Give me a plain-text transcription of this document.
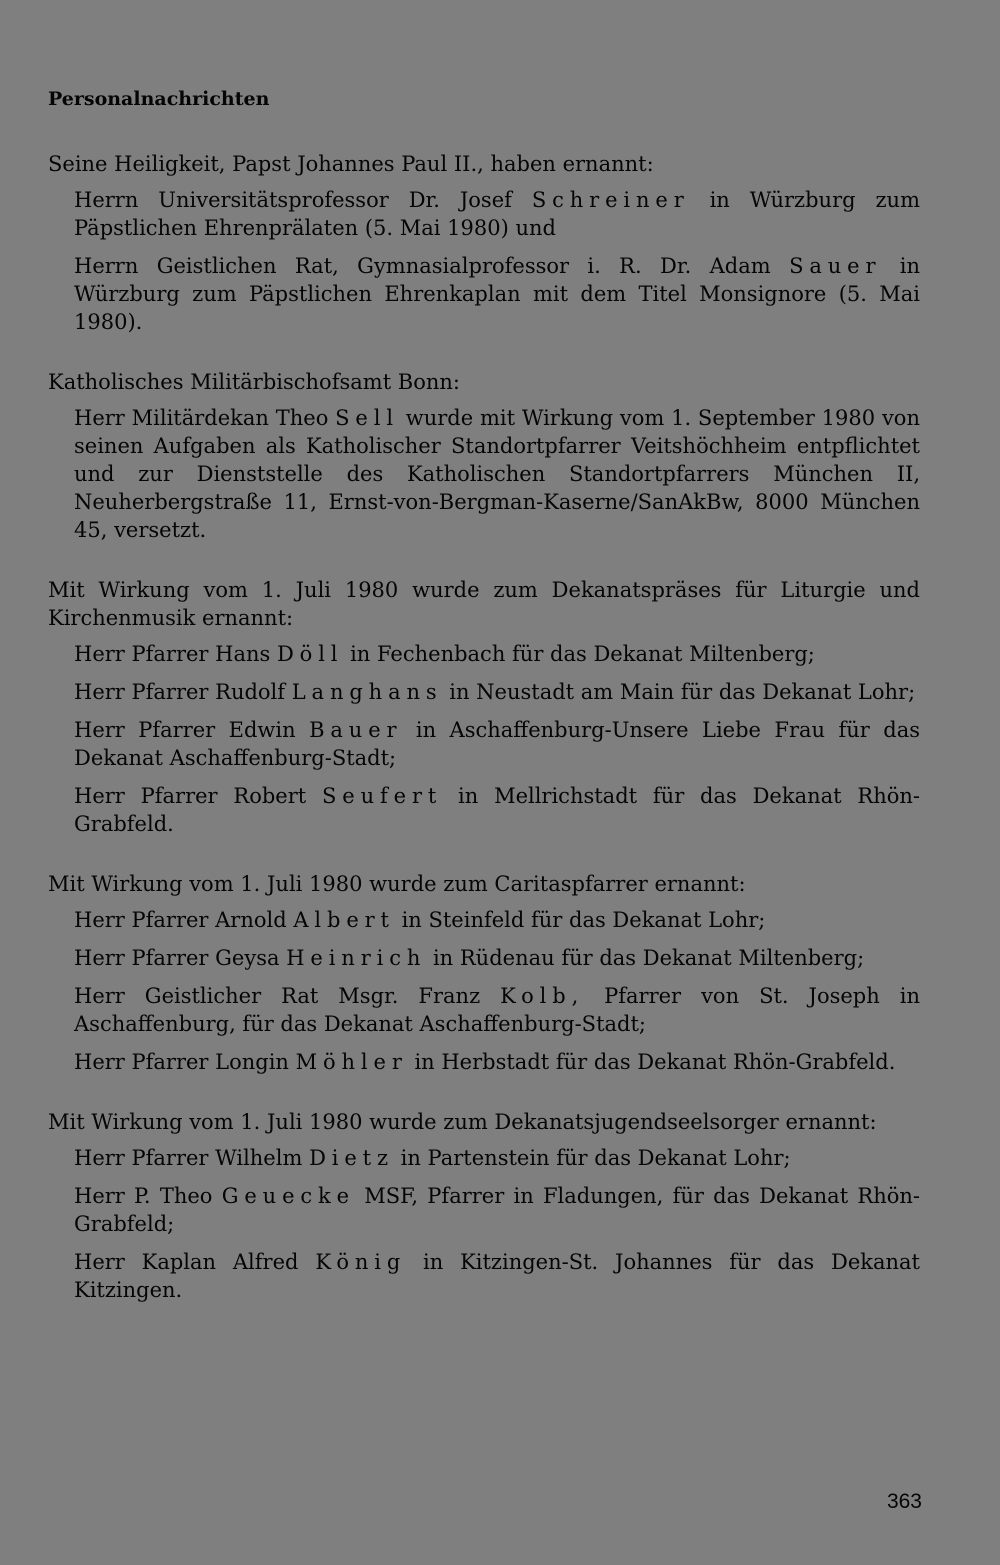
Personalnachrichten

Seine Heiligkeit, Papst Johannes Paul II., haben ernannt:

Herrn Universitätsprofessor Dr. Josef Schreiner in Würzburg zum Päpstlichen Ehrenprälaten (5. Mai 1980) und

Herrn Geistlichen Rat, Gymnasialprofessor i. R. Dr. Adam Sauer in Würzburg zum Päpstlichen Ehrenkaplan mit dem Titel Monsignore (5. Mai 1980).

Katholisches Militärbischofsamt Bonn:

Herr Militärdekan Theo Sell wurde mit Wirkung vom 1. September 1980 von seinen Aufgaben als Katholischer Standortpfarrer Veitshöchheim entpflichtet und zur Dienststelle des Katholischen Standortpfarrers München II, Neuherbergstraße 11, Ernst-von-Bergman-Kaserne/SanAkBw, 8000 München 45, versetzt.

Mit Wirkung vom 1. Juli 1980 wurde zum Dekanatspräses für Liturgie und Kirchenmusik ernannt:

Herr Pfarrer Hans Döll in Fechenbach für das Dekanat Miltenberg;

Herr Pfarrer Rudolf Langhans in Neustadt am Main für das Dekanat Lohr;

Herr Pfarrer Edwin Bauer in Aschaffenburg-Unsere Liebe Frau für das Dekanat Aschaffenburg-Stadt;

Herr Pfarrer Robert Seufert in Mellrichstadt für das Dekanat Rhön-Grabfeld.

Mit Wirkung vom 1. Juli 1980 wurde zum Caritaspfarrer ernannt:

Herr Pfarrer Arnold Albert in Steinfeld für das Dekanat Lohr;

Herr Pfarrer Geysa Heinrich in Rüdenau für das Dekanat Miltenberg;

Herr Geistlicher Rat Msgr. Franz Kolb, Pfarrer von St. Joseph in Aschaffenburg, für das Dekanat Aschaffenburg-Stadt;

Herr Pfarrer Longin Möhler in Herbstadt für das Dekanat Rhön-Grabfeld.

Mit Wirkung vom 1. Juli 1980 wurde zum Dekanatsjugendseelsorger ernannt:

Herr Pfarrer Wilhelm Dietz in Partenstein für das Dekanat Lohr;

Herr P. Theo Geuecke MSF, Pfarrer in Fladungen, für das Dekanat Rhön-Grabfeld;

Herr Kaplan Alfred König in Kitzingen-St. Johannes für das Dekanat Kitzingen.

363
